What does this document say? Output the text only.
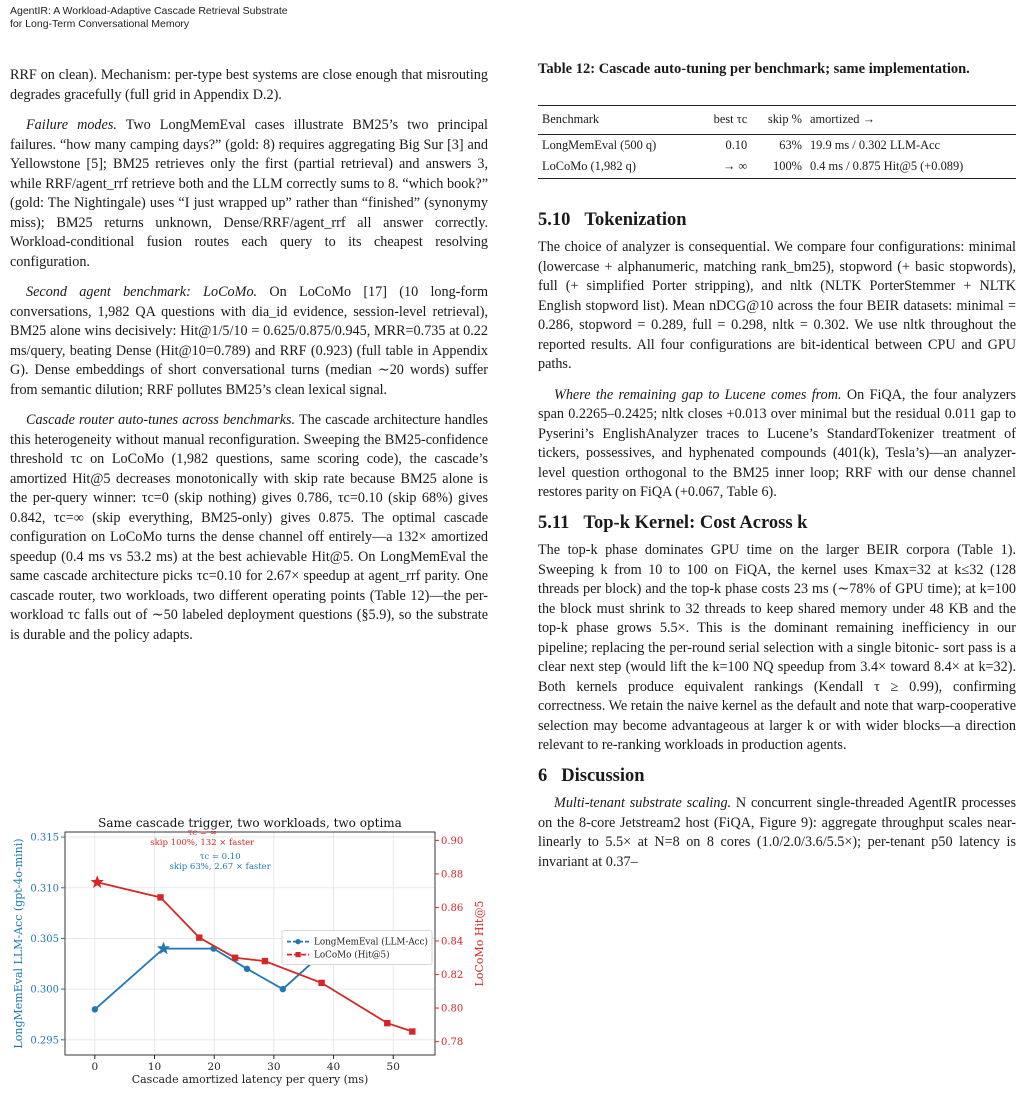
AgentIR: A Workload-Adaptive Cascade Retrieval Substrate
for Long-Term Conversational Memory

RRF on clean). Mechanism: per-type best systems are close enough that misrouting degrades gracefully (full grid in Appendix D.2).

Failure modes. Two LongMemEval cases illustrate BM25’s two principal failures. “how many camping days?” (gold: 8) requires aggregating Big Sur [3] and Yellowstone [5]; BM25 retrieves only the first (partial retrieval) and answers 3, while RRF/agent_rrf retrieve both and the LLM correctly sums to 8. “which book?” (gold: The Nightingale) uses “I just wrapped up” rather than “finished” (synonymy miss); BM25 returns unknown, Dense/RRF/agent_rrf all answer correctly. Workload-conditional fusion routes each query to its cheapest resolving configuration.

Second agent benchmark: LoCoMo. On LoCoMo [17] (10 long-form conversations, 1,982 QA questions with dia_id evidence, session-level retrieval), BM25 alone wins decisively: Hit@1/5/10 = 0.625/0.875/0.945, MRR=0.735 at 0.22 ms/query, beating Dense (Hit@10=0.789) and RRF (0.923) (full table in Appendix G). Dense embeddings of short conversational turns (median ∼20 words) suffer from semantic dilution; RRF pollutes BM25’s clean lexical signal.

Cascade router auto-tunes across benchmarks. The cascade architecture handles this heterogeneity without manual reconfiguration. Sweeping the BM25-confidence threshold τc on LoCoMo (1,982 questions, same scoring code), the cascade’s amortized Hit@5 decreases monotonically with skip rate because BM25 alone is the per-query winner: τc=0 (skip nothing) gives 0.786, τc=0.10 (skip 68%) gives 0.842, τc=∞ (skip everything, BM25-only) gives 0.875. The optimal cascade configuration on LoCoMo turns the dense channel off entirely—a 132× amortized speedup (0.4 ms vs 53.2 ms) at the best achievable Hit@5. On LongMemEval the same cascade architecture picks τc=0.10 for 2.67× speedup at agent_rrf parity. One cascade router, two workloads, two different operating points (Table 12)—the per-workload τc falls out of ∼50 labeled deployment questions (§5.9), so the substrate is durable and the policy adapts.

0	10	20	30	40	50
0.295
0.300
0.305
0.310
0.315
0.78
0.80
0.82
0.84
0.86
0.88
0.90
Cascade amortized latency per query (ms)
LongMemEval LLM-Acc (gpt-4o-mini)	LoCoMo Hit@5
Same cascade trigger, two workloads, two optima
τc = ∞
skip 100%, 132 × faster
τc = 0.10
skip 63%, 2.67 × faster
LongMemEval (LLM-Acc)
LoCoMo (Hit@5)
Table 12: Cascade auto-tuning per benchmark; same implementation.
Benchmark	best τc	skip %	amortized →
LongMemEval (500 q)	0.10	63%	19.9 ms / 0.302 LLM-Acc
LoCoMo (1,982 q)	→ ∞	100%	0.4 ms / 0.875 Hit@5 (+0.089)
5.10 Tokenization

The choice of analyzer is consequential. We compare four configurations: minimal (lowercase + alphanumeric, matching rank_bm25), stopword (+ basic stopwords), full (+ simplified Porter stripping), and nltk (NLTK PorterStemmer + NLTK English stopword list). Mean nDCG@10 across the four BEIR datasets: minimal = 0.286, stopword = 0.289, full = 0.298, nltk = 0.302. We use nltk throughout the reported results. All four configurations are bit-identical between CPU and GPU paths.

Where the remaining gap to Lucene comes from. On FiQA, the four analyzers span 0.2265–0.2425; nltk closes +0.013 over minimal but the residual 0.011 gap to Pyserini’s EnglishAnalyzer traces to Lucene’s StandardTokenizer treatment of tickers, possessives, and hyphenated compounds (401(k), Tesla’s)—an analyzer-level question orthogonal to the BM25 inner loop; RRF with our dense channel restores parity on FiQA (+0.067, Table 6).

5.11 Top-k Kernel: Cost Across k

The top-k phase dominates GPU time on the larger BEIR corpora (Table 1). Sweeping k from 10 to 100 on FiQA, the kernel uses Kmax=32 at k≤32 (128 threads per block) and the top-k phase costs 23 ms (∼78% of GPU time); at k=100 the block must shrink to 32 threads to keep shared memory under 48 KB and the top-k phase grows 5.5×. This is the dominant remaining inefficiency in our pipeline; replacing the per-round serial selection with a single bitonic- sort pass is a clear next step (would lift the k=100 NQ speedup from 3.4× toward 8.4× at k=32). Both kernels produce equivalent rankings (Kendall τ ≥ 0.99), confirming correctness. We retain the naive kernel as the default and note that warp-cooperative selection may become advantageous at larger k or with wider blocks—a direction relevant to re-ranking workloads in production agents.

6 Discussion

Multi-tenant substrate scaling. N concurrent single-threaded AgentIR processes on the 8-core Jetstream2 host (FiQA, Figure 9): aggregate throughput scales near-linearly to 5.5× at N=8 on 8 cores (1.0/2.0/3.6/5.5×); per-tenant p50 latency is invariant at 0.37–
